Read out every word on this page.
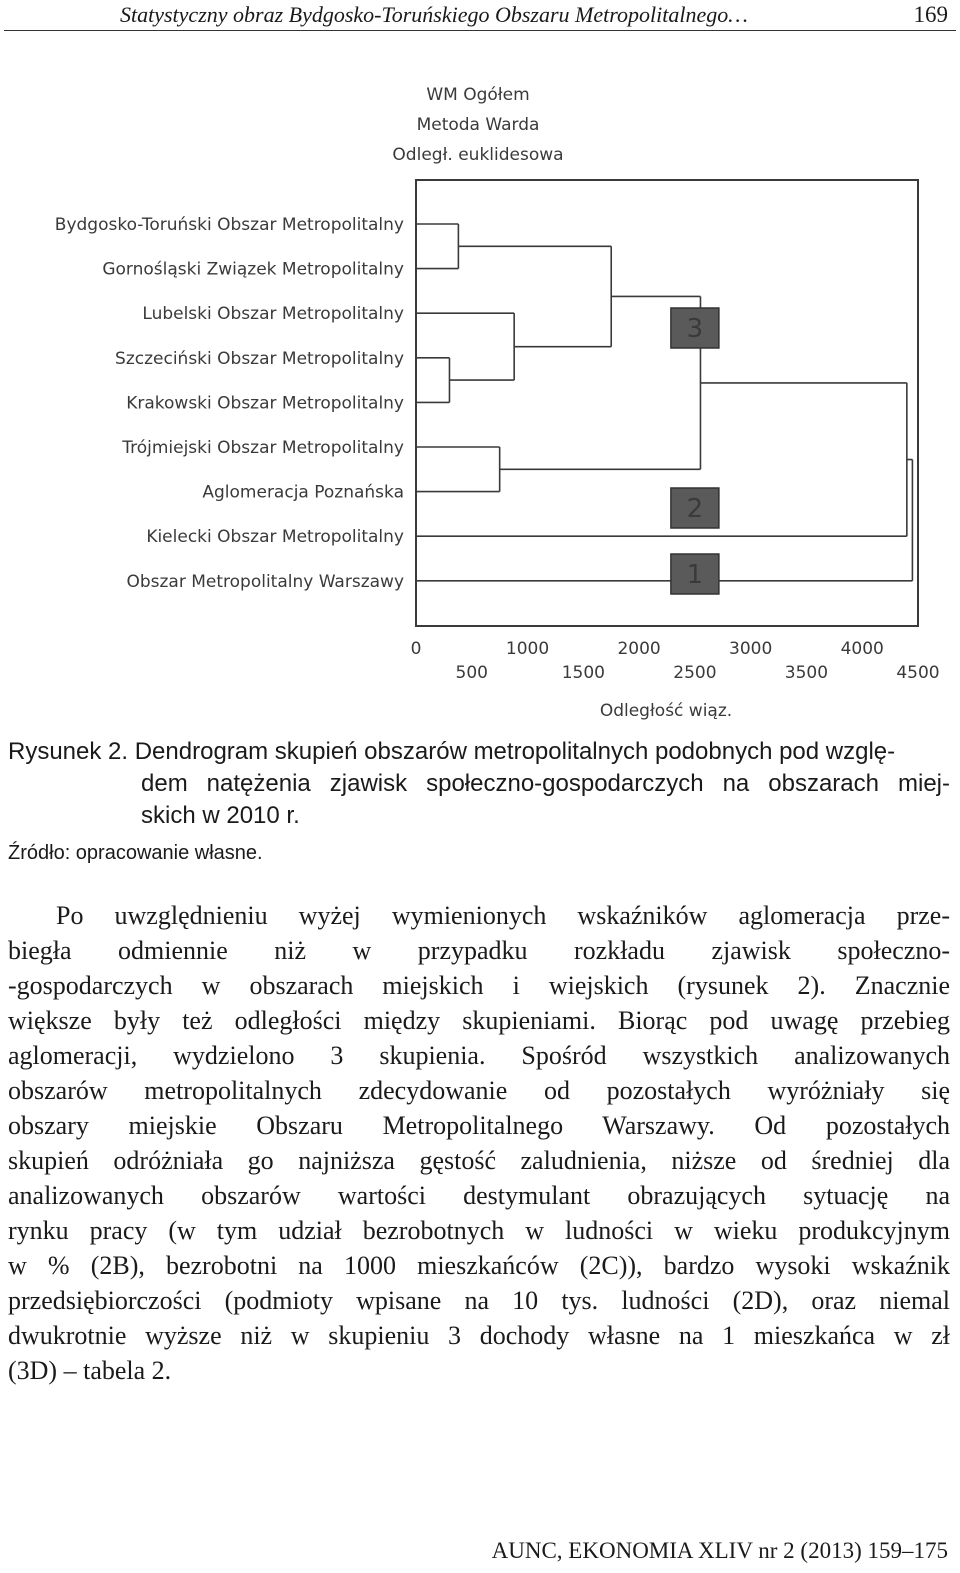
Statystyczny obraz Bydgosko-Toruńskiego Obszaru Metropolitalnego…	169
WM Ogółem
Metoda Warda
Odległ. euklidesowa
Bydgosko-Toruński Obszar Metropolitalny
Gornośląski Związek Metropolitalny
Lubelski Obszar Metropolitalny
Szczeciński Obszar Metropolitalny
Krakowski Obszar Metropolitalny
Trójmiejski Obszar Metropolitalny
Aglomeracja Poznańska
Kielecki Obszar Metropolitalny
Obszar Metropolitalny Warszawy
3
2
1
0	1000	2000	3000	4000
500	1500	2500	3500	4500
Odległość wiąz.
Rysunek 2. Dendrogram skupień obszarów metropolitalnych podobnych pod wzglę-
dem natężenia zjawisk społeczno-gospodarczych na obszarach miej-
skich w 2010 r.
Źródło: opracowanie własne.
Po uwzględnieniu wyżej wymienionych wskaźników aglomeracja prze-
biegła odmiennie niż w przypadku rozkładu zjawisk społeczno-
-gospodarczych w obszarach miejskich i wiejskich (rysunek 2). Znacznie
większe były też odległości między skupieniami. Biorąc pod uwagę przebieg
aglomeracji, wydzielono 3 skupienia. Spośród wszystkich analizowanych
obszarów metropolitalnych zdecydowanie od pozostałych wyróżniały się
obszary miejskie Obszaru Metropolitalnego Warszawy. Od pozostałych
skupień odróżniała go najniższa gęstość zaludnienia, niższe od średniej dla
analizowanych obszarów wartości destymulant obrazujących sytuację na
rynku pracy (w tym udział bezrobotnych w ludności w wieku produkcyjnym
w % (2B), bezrobotni na 1000 mieszkańców (2C)), bardzo wysoki wskaźnik
przedsiębiorczości (podmioty wpisane na 10 tys. ludności (2D), oraz niemal
dwukrotnie wyższe niż w skupieniu 3 dochody własne na 1 mieszkańca w zł
(3D) – tabela 2.
AUNC, EKONOMIA XLIV nr 2 (2013) 159–175
